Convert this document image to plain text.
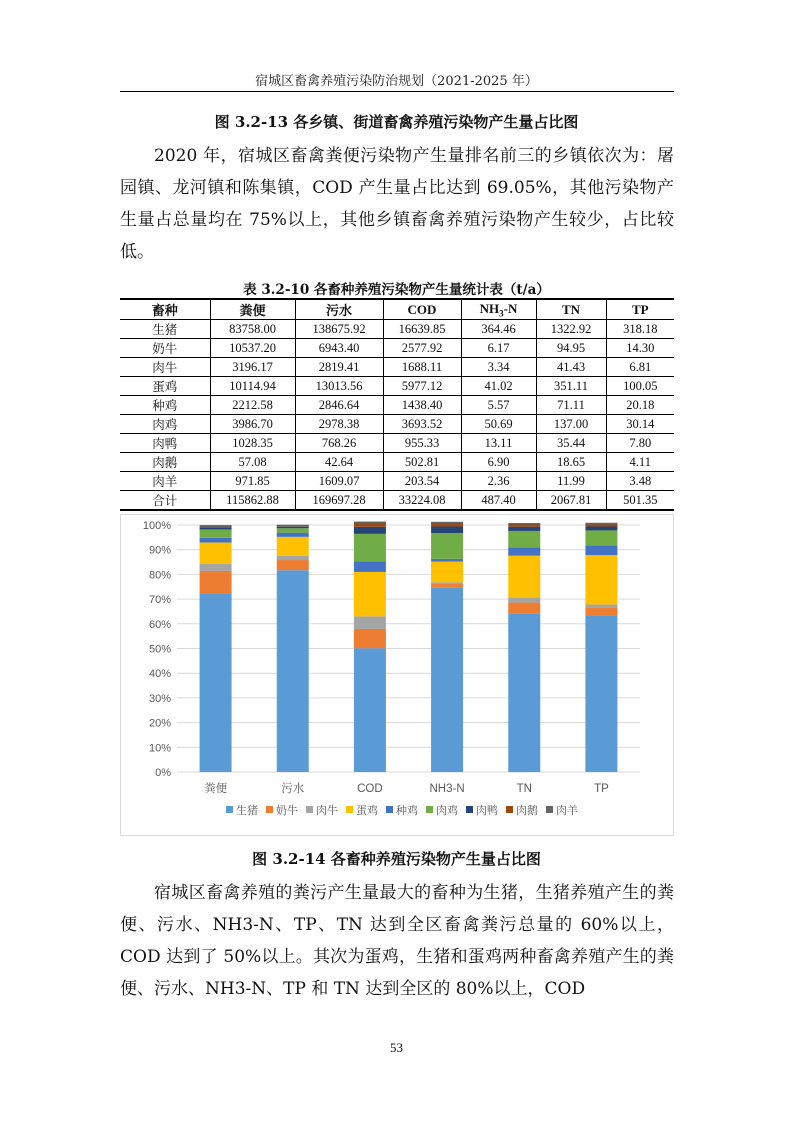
宿城区畜禽养殖污染防治规划（2021-2025 年）
图 3.2-13 各乡镇、街道畜禽养殖污染物产生量占比图

2020 年，宿城区畜禽粪便污染物产生量排名前三的乡镇依次为：屠园镇、龙河镇和陈集镇，COD 产生量占比达到 69.05%，其他污染物产生量占总量均在 75%以上，其他乡镇畜禽养殖污染物产生较少，占比较低。

表 3.2-10 各畜种养殖污染物产生量统计表（t/a）
畜种	粪便	污水	COD	$NH_3-N$	TN	TP
生猪	83758.00	138675.92	16639.85	364.46	1322.92	318.18
奶牛	10537.20	6943.40	2577.92	6.17	94.95	14.30
肉牛	3196.17	2819.41	1688.11	3.34	41.43	6.81
蛋鸡	10114.94	13013.56	5977.12	41.02	351.11	100.05
种鸡	2212.58	2846.64	1438.40	5.57	71.11	20.18
肉鸡	3986.70	2978.38	3693.52	50.69	137.00	30.14
肉鸭	1028.35	768.26	955.33	13.11	35.44	7.80
肉鹅	57.08	42.64	502.81	6.90	18.65	4.11
肉羊	971.85	1609.07	203.54	2.36	11.99	3.48
合计	115862.88	169697.28	33224.08	487.40	2067.81	501.35
0%
10%
20%
30%
40%
50%
60%
70%
80%
90%
100%
粪便	污水	COD	NH3-N	TN	TP
生猪 奶牛 肉牛 蛋鸡 种鸡 肉鸡 肉鸭 肉鹅 肉羊
图 3.2-14 各畜种养殖污染物产生量占比图

宿城区畜禽养殖的粪污产生量最大的畜种为生猪，生猪养殖产生的粪便、污水、NH3-N、TP、TN 达到全区畜禽粪污总量的 60%以上，COD 达到了 50%以上。其次为蛋鸡，生猪和蛋鸡两种畜禽养殖产生的粪便、污水、NH3-N、TP 和 TN 达到全区的 80%以上，COD

53
